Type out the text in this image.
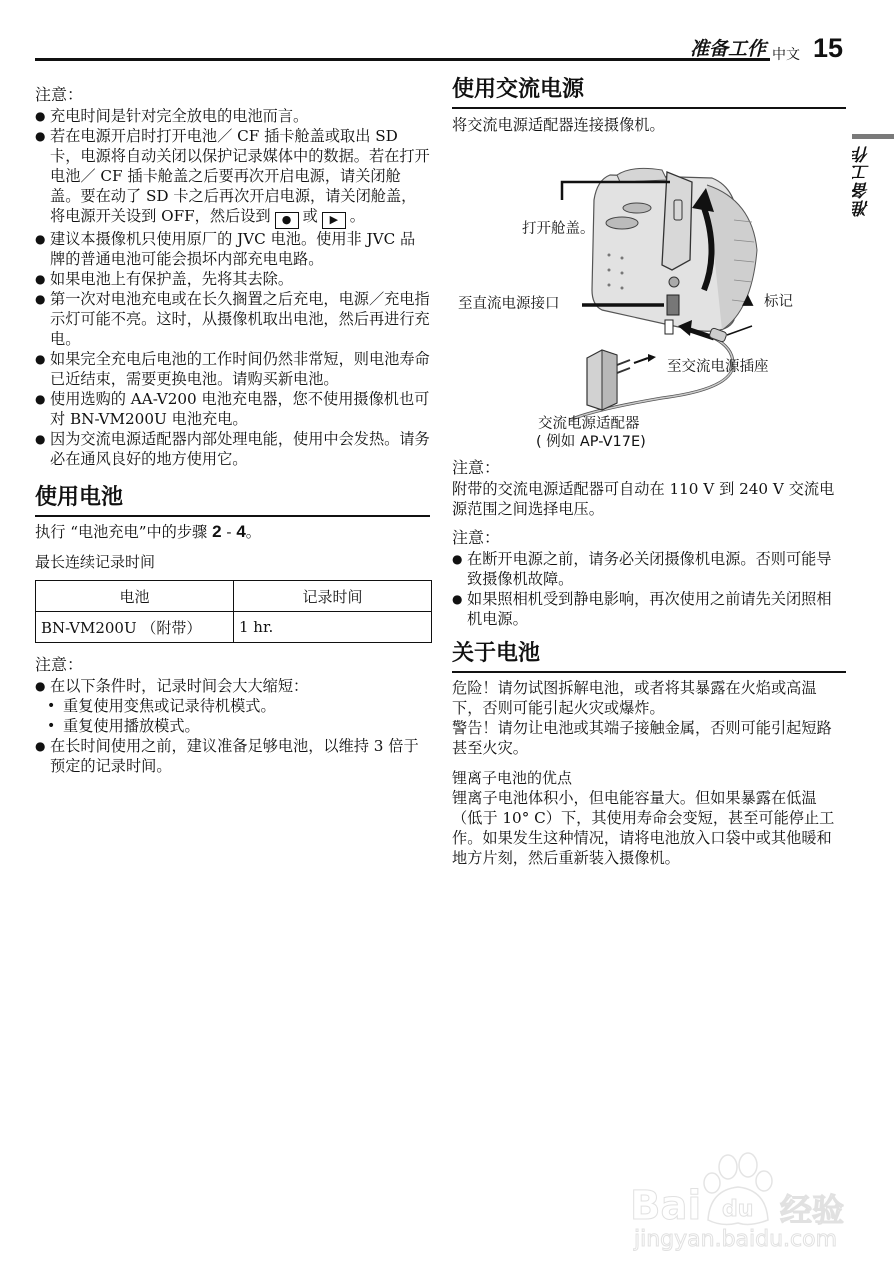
准备工作 中文 15
准备工作
注意：
● 充电时间是针对完全放电的电池而言。
● 若在电源开启时打开电池／ CF 插卡舱盖或取出 SD 卡，电源将自动关闭以保护记录媒体中的数据。若在打开电池／ CF 插卡舱盖之后要再次开启电源，请关闭舱盖。要在动了 SD 卡之后再次开启电源，请关闭舱盖，将电源开关设到 OFF，然后设到 ● 或 ▶ 。
● 建议本摄像机只使用原厂的 JVC 电池。使用非 JVC 品牌的普通电池可能会损坏内部充电电路。
● 如果电池上有保护盖，先将其去除。
● 第一次对电池充电或在长久搁置之后充电，电源／充电指示灯可能不亮。这时，从摄像机取出电池，然后再进行充电。
● 如果完全充电后电池的工作时间仍然非常短，则电池寿命已近结束，需要更换电池。请购买新电池。
● 使用选购的 AA-V200 电池充电器，您不使用摄像机也可对 BN-VM200U 电池充电。
● 因为交流电源适配器内部处理电能，使用中会发热。请务必在通风良好的地方使用它。
使用电池

执行 “电池充电”中的步骤 2 - 4。

最长连续记录时间
电池	记录时间
BN-VM200U （附带）	1 hr.
注意：
● 在以下条件时，记录时间会大大缩短：
• 重复使用变焦或记录待机模式。
• 重复使用播放模式。
● 在长时间使用之前，建议准备足够电池，以维持 3 倍于预定的记录时间。
使用交流电源

将交流电源适配器连接摄像机。

打开舱盖。
至直流电源接口	▲ 标记
至交流电源插座
交流电源适配器
( 例如 AP-V17E)
注意：

附带的交流电源适配器可自动在 110 V 到 240 V 交流电源范围之间选择电压。

注意：
● 在断开电源之前，请务必关闭摄像机电源。否则可能导致摄像机故障。
● 如果照相机受到静电影响，再次使用之前请先关闭照相机电源。
关于电池

危险！请勿试图拆解电池，或者将其暴露在火焰或高温下，否则可能引起火灾或爆炸。

警告！请勿让电池或其端子接触金属，否则可能引起短路甚至火灾。

锂离子电池的优点

锂离子电池体积小，但电能容量大。但如果暴露在低温 （低于 10° C）下，其使用寿命会变短，甚至可能停止工作。如果发生这种情况，请将电池放入口袋中或其他暖和地方片刻，然后重新装入摄像机。

Bai du 经验
jingyan.baidu.com
